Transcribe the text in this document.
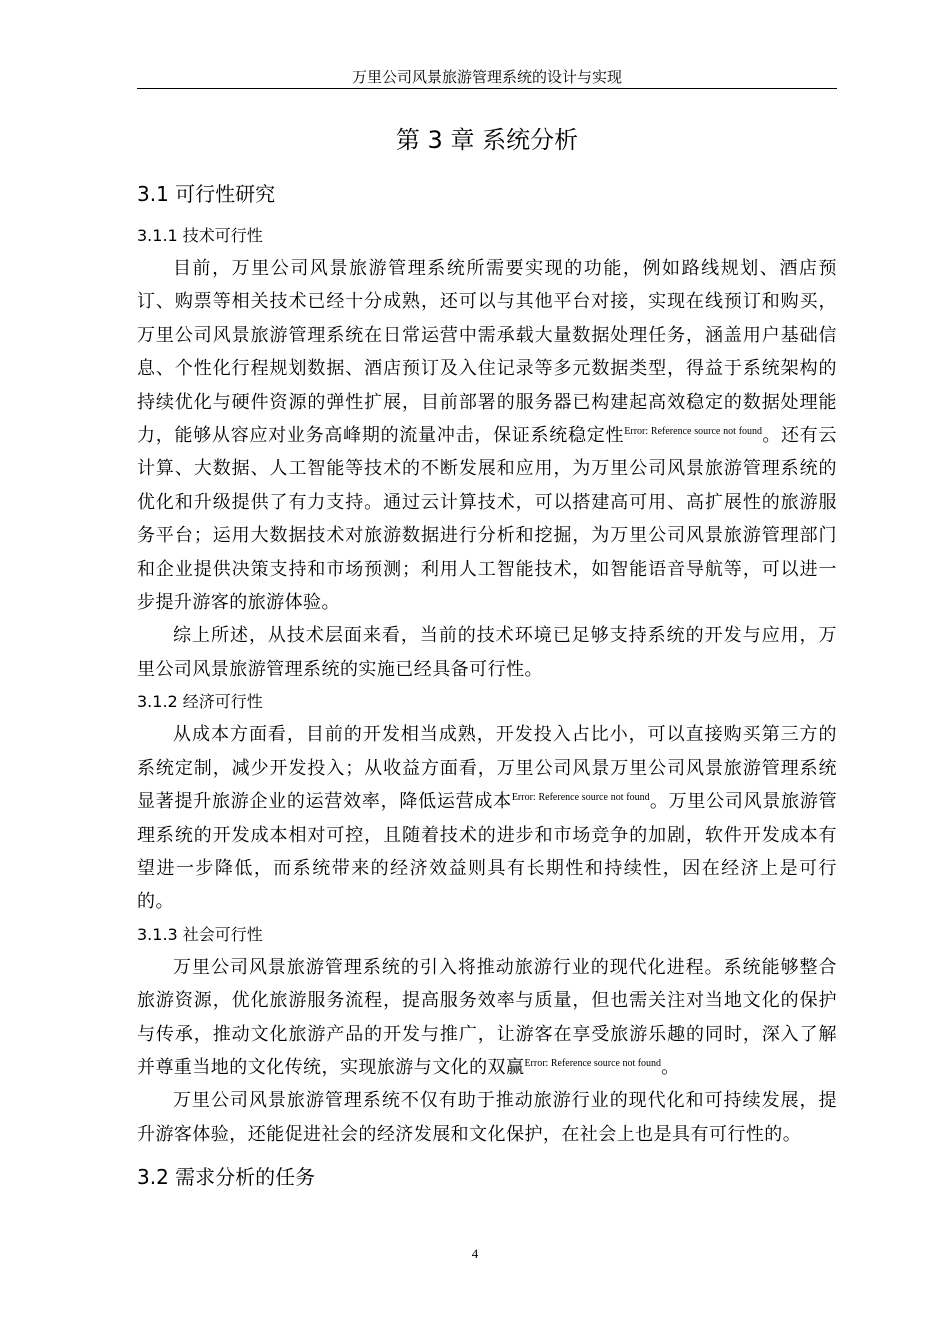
万里公司风景旅游管理系统的设计与实现
第 3 章 系统分析
3.1 可行性研究
3.1.1 技术可行性

目前，万里公司风景旅游管理系统所需要实现的功能，例如路线规划、酒店预订、购票等相关技术已经十分成熟，还可以与其他平台对接，实现在线预订和购买，万里公司风景旅游管理系统在日常运营中需承载大量数据处理任务，涵盖用户基础信息、个性化行程规划数据、酒店预订及入住记录等多元数据类型，得益于系统架构的持续优化与硬件资源的弹性扩展，目前部署的服务器已构建起高效稳定的数据处理能力，能够从容应对业务高峰期的流量冲击，保证系统稳定性$^{Error: Reference source not found}$。还有云计算、大数据、人工智能等技术的不断发展和应用，为万里公司风景旅游管理系统的优化和升级提供了有力支持。通过云计算技术，可以搭建高可用、高扩展性的旅游服务平台；运用大数据技术对旅游数据进行分析和挖掘，为万里公司风景旅游管理部门和企业提供决策支持和市场预测；利用人工智能技术，如智能语音导航等，可以进一步提升游客的旅游体验。

综上所述，从技术层面来看，当前的技术环境已足够支持系统的开发与应用，万里公司风景旅游管理系统的实施已经具备可行性。

3.1.2 经济可行性

从成本方面看，目前的开发相当成熟，开发投入占比小，可以直接购买第三方的系统定制，减少开发投入；从收益方面看，万里公司风景万里公司风景旅游管理系统显著提升旅游企业的运营效率，降低运营成本$^{Error: Reference source not found}$。万里公司风景旅游管理系统的开发成本相对可控，且随着技术的进步和市场竞争的加剧，软件开发成本有望进一步降低，而系统带来的经济效益则具有长期性和持续性，因在经济上是可行的。

3.1.3 社会可行性

万里公司风景旅游管理系统的引入将推动旅游行业的现代化进程。系统能够整合旅游资源，优化旅游服务流程，提高服务效率与质量，但也需关注对当地文化的保护与传承，推动文化旅游产品的开发与推广，让游客在享受旅游乐趣的同时，深入了解并尊重当地的文化传统，实现旅游与文化的双赢$^{Error: Reference source not found}$。

万里公司风景旅游管理系统不仅有助于推动旅游行业的现代化和可持续发展，提升游客体验，还能促进社会的经济发展和文化保护，在社会上也是具有可行性的。

3.2 需求分析的任务
4
